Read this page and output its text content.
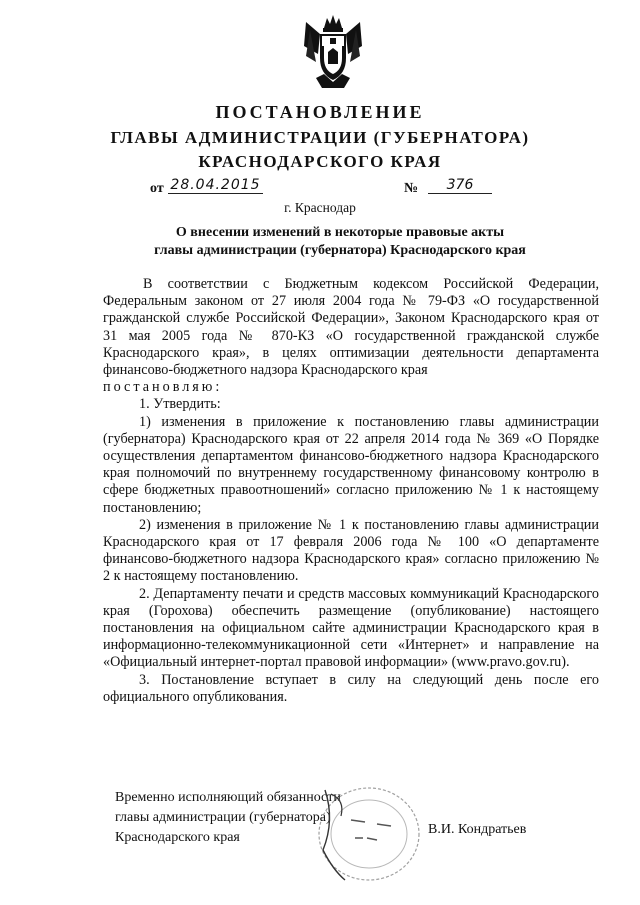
ПОСТАНОВЛЕНИЕ
ГЛАВЫ АДМИНИСТРАЦИИ (ГУБЕРНАТОРА)
КРАСНОДАРСКОГО КРАЯ
от 28.04.2015	№	376
г. Краснодар
О внесении изменений в некоторые правовые акты
главы администрации (губернатора) Краснодарского края

В соответствии с Бюджетным кодексом Российской Федерации, Федеральным законом от 27 июля 2004 года № 79-ФЗ «О государственной гражданской службе Российской Федерации», Законом Краснодарского края от 31 мая 2005 года № 870-КЗ «О государственной гражданской службе Краснодарского края», в целях оптимизации деятельности департамента финансово-бюджетного надзора Краснодарского края

постановляю:

1. Утвердить:

1) изменения в приложение к постановлению главы администрации (губернатора) Краснодарского края от 22 апреля 2014 года № 369 «О Порядке осуществления департаментом финансово-бюджетного надзора Краснодарского края полномочий по внутреннему государственному финансовому контролю в сфере бюджетных правоотношений» согласно приложению № 1 к настоящему постановлению;

2) изменения в приложение № 1 к постановлению главы администрации Краснодарского края от 17 февраля 2006 года № 100 «О департаменте финансово-бюджетного надзора Краснодарского края» согласно приложению № 2 к настоящему постановлению.

2. Департаменту печати и средств массовых коммуникаций Краснодарского края (Горохова) обеспечить размещение (опубликование) настоящего постановления на официальном сайте администрации Краснодарского края в информационно-телекоммуникационной сети «Интернет» и направление на «Официальный интернет-портал правовой информации» (www.pravo.gov.ru).

3. Постановление вступает в силу на следующий день после его официального опубликования.

Временно исполняющий обязанности
главы администрации (губернатора)
Краснодарского края
В.И. Кондратьев
